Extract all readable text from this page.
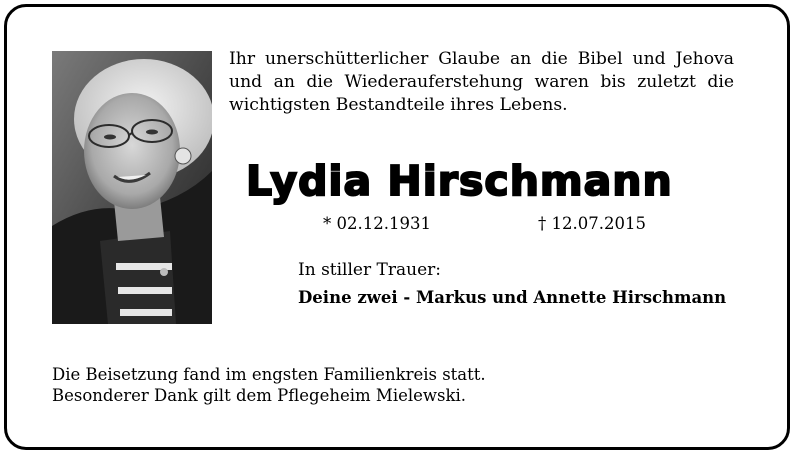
Ihr unerschütterlicher Glaube an die Bibel und Jehova und an die Wiederauferstehung waren bis zuletzt die wichtigsten Bestandteile ihres Lebens.

Lydia Hirschmann
* 02.12.1931	† 12.07.2015
In stiller Trauer:
Deine zwei - Markus und Annette Hirschmann
Die Beisetzung fand im engsten Familienkreis statt.
Besonderer Dank gilt dem Pflegeheim Mielewski.
